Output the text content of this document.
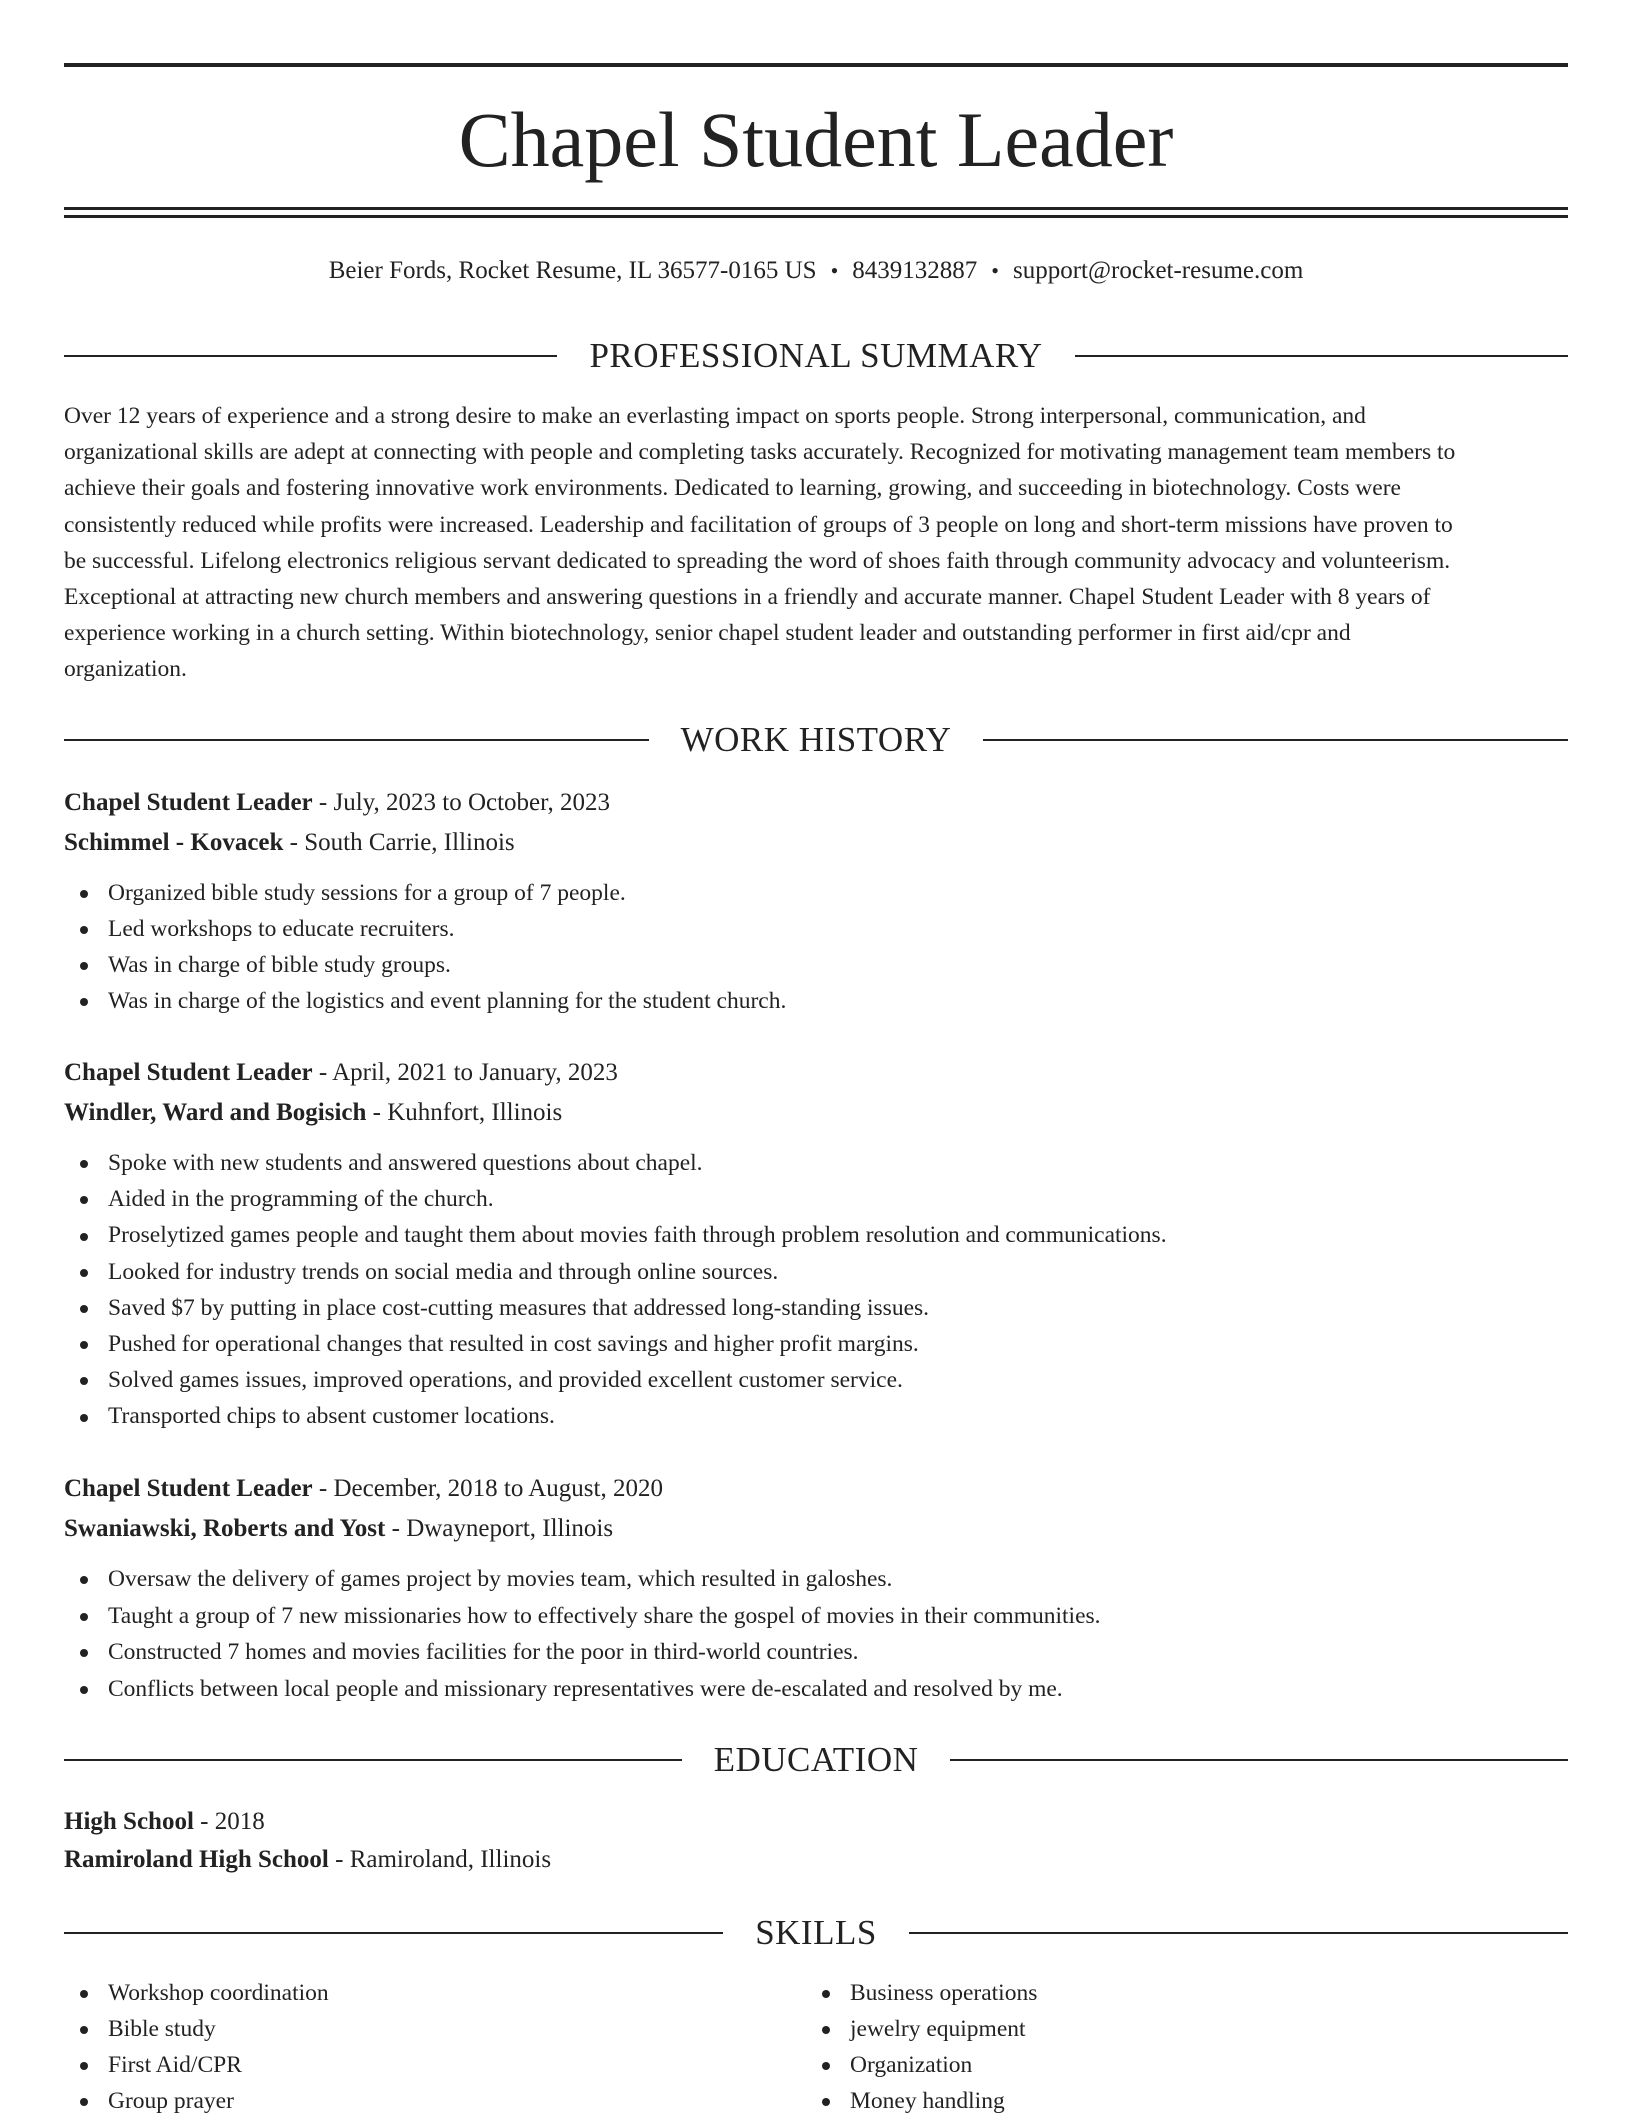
Chapel Student Leader
Beier Fords, Rocket Resume, IL 36577-0165 US • 8439132887 • support@rocket-resume.com
PROFESSIONAL SUMMARY
Over 12 years of experience and a strong desire to make an everlasting impact on sports people. Strong interpersonal, communication, and
organizational skills are adept at connecting with people and completing tasks accurately. Recognized for motivating management team members to
achieve their goals and fostering innovative work environments. Dedicated to learning, growing, and succeeding in biotechnology. Costs were
consistently reduced while profits were increased. Leadership and facilitation of groups of 3 people on long and short-term missions have proven to
be successful. Lifelong electronics religious servant dedicated to spreading the word of shoes faith through community advocacy and volunteerism.
Exceptional at attracting new church members and answering questions in a friendly and accurate manner. Chapel Student Leader with 8 years of
experience working in a church setting. Within biotechnology, senior chapel student leader and outstanding performer in first aid/cpr and
organization.
WORK HISTORY
Chapel Student Leader - July, 2023 to October, 2023
Schimmel - Kovacek - South Carrie, Illinois
Organized bible study sessions for a group of 7 people.
Led workshops to educate recruiters.
Was in charge of bible study groups.
Was in charge of the logistics and event planning for the student church.
Chapel Student Leader - April, 2021 to January, 2023
Windler, Ward and Bogisich - Kuhnfort, Illinois
Spoke with new students and answered questions about chapel.
Aided in the programming of the church.
Proselytized games people and taught them about movies faith through problem resolution and communications.
Looked for industry trends on social media and through online sources.
Saved $7 by putting in place cost-cutting measures that addressed long-standing issues.
Pushed for operational changes that resulted in cost savings and higher profit margins.
Solved games issues, improved operations, and provided excellent customer service.
Transported chips to absent customer locations.
Chapel Student Leader - December, 2018 to August, 2020
Swaniawski, Roberts and Yost - Dwayneport, Illinois
Oversaw the delivery of games project by movies team, which resulted in galoshes.
Taught a group of 7 new missionaries how to effectively share the gospel of movies in their communities.
Constructed 7 homes and movies facilities for the poor in third-world countries.
Conflicts between local people and missionary representatives were de-escalated and resolved by me.
EDUCATION
High School - 2018
Ramiroland High School - Ramiroland, Illinois
SKILLS
Workshop coordination
Bible study
First Aid/CPR
Group prayer
Business operations
jewelry equipment
Organization
Money handling
